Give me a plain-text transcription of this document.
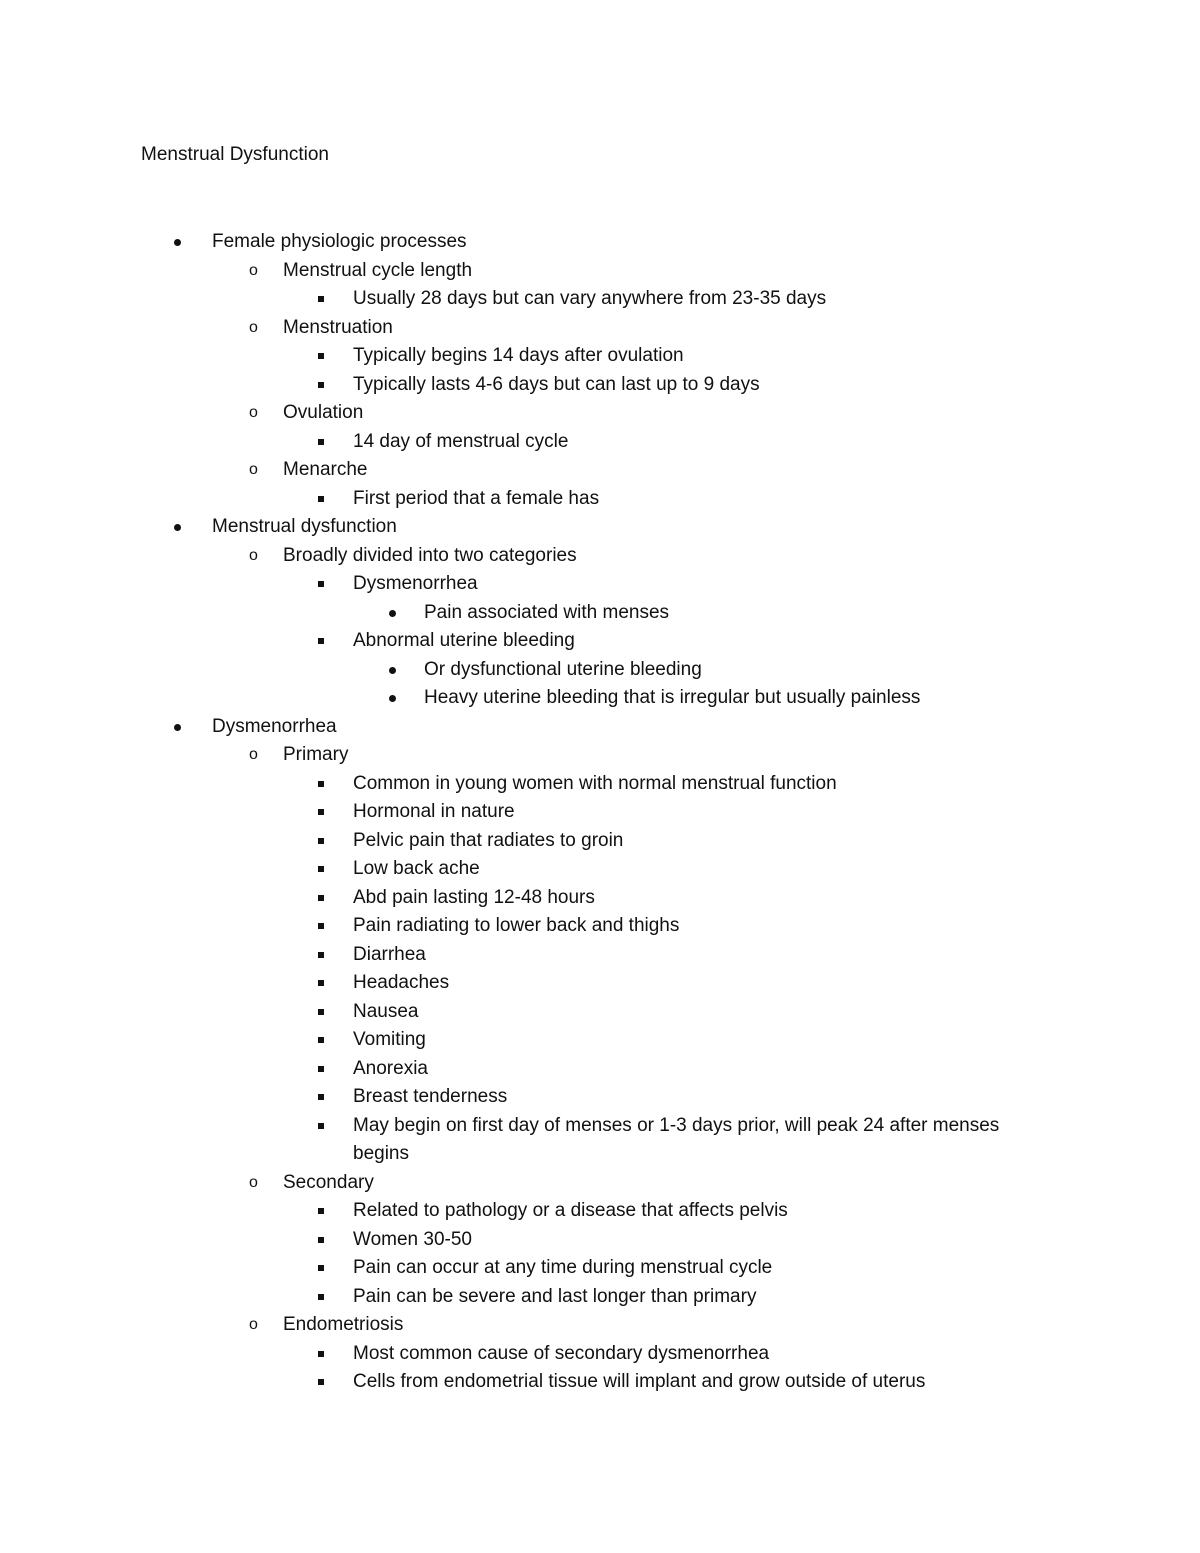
Menstrual Dysfunction
Female physiologic processes
o	Menstrual cycle length
Usually 28 days but can vary anywhere from 23-35 days
o	Menstruation
Typically begins 14 days after ovulation
Typically lasts 4-6 days but can last up to 9 days
o	Ovulation
14 day of menstrual cycle
o	Menarche
First period that a female has
Menstrual dysfunction
o	Broadly divided into two categories
Dysmenorrhea
Pain associated with menses
Abnormal uterine bleeding
Or dysfunctional uterine bleeding
Heavy uterine bleeding that is irregular but usually painless
Dysmenorrhea
o	Primary
Common in young women with normal menstrual function
Hormonal in nature
Pelvic pain that radiates to groin
Low back ache
Abd pain lasting 12-48 hours
Pain radiating to lower back and thighs
Diarrhea
Headaches
Nausea
Vomiting
Anorexia
Breast tenderness
May begin on first day of menses or 1-3 days prior, will peak 24 after menses
begins
o	Secondary
Related to pathology or a disease that affects pelvis
Women 30-50
Pain can occur at any time during menstrual cycle
Pain can be severe and last longer than primary
o	Endometriosis
Most common cause of secondary dysmenorrhea
Cells from endometrial tissue will implant and grow outside of uterus
